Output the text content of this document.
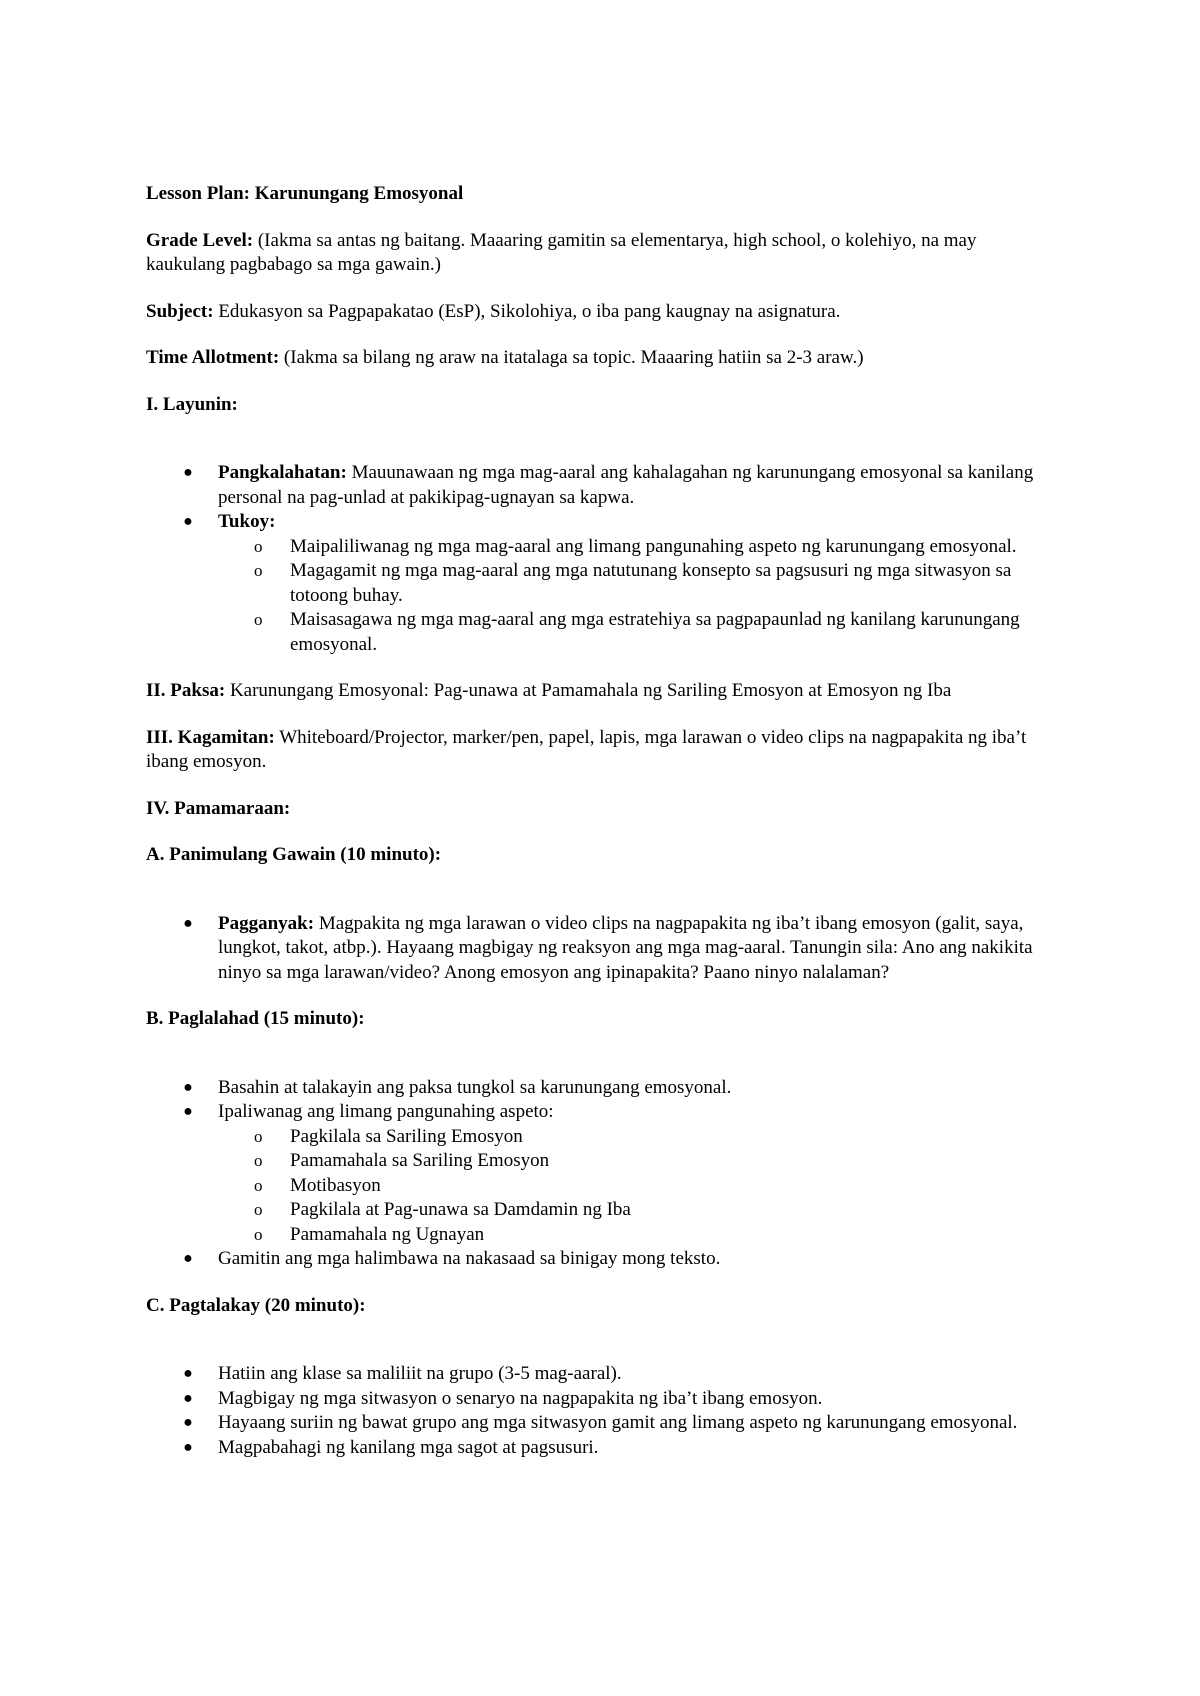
Lesson Plan: Karunungang Emosyonal

Grade Level: (Iakma sa antas ng baitang. Maaaring gamitin sa elementarya, high school, o kolehiyo, na may kaukulang pagbabago sa mga gawain.)

Subject: Edukasyon sa Pagpapakatao (EsP), Sikolohiya, o iba pang kaugnay na asignatura.

Time Allotment: (Iakma sa bilang ng araw na itatalaga sa topic. Maaaring hatiin sa 2-3 araw.)

I. Layunin:

● Pangkalahatan: Mauunawaan ng mga mag-aaral ang kahalagahan ng karunungang emosyonal sa kanilang personal na pag-unlad at pakikipag-ugnayan sa kapwa.
● Tukoy:
o Maipaliliwanag ng mga mag-aaral ang limang pangunahing aspeto ng karunungang emosyonal.
o Magagamit ng mga mag-aaral ang mga natutunang konsepto sa pagsusuri ng mga sitwasyon sa totoong buhay.
o Maisasagawa ng mga mag-aaral ang mga estratehiya sa pagpapaunlad ng kanilang karunungang emosyonal.

II. Paksa: Karunungang Emosyonal: Pag-unawa at Pamamahala ng Sariling Emosyon at Emosyon ng Iba

III. Kagamitan: Whiteboard/Projector, marker/pen, papel, lapis, mga larawan o video clips na nagpapakita ng iba’t ibang emosyon.

IV. Pamamaraan:

A. Panimulang Gawain (10 minuto):

● Pagganyak: Magpakita ng mga larawan o video clips na nagpapakita ng iba’t ibang emosyon (galit, saya, lungkot, takot, atbp.). Hayaang magbigay ng reaksyon ang mga mag-aaral. Tanungin sila: Ano ang nakikita ninyo sa mga larawan/video? Anong emosyon ang ipinapakita? Paano ninyo nalalaman?

B. Paglalahad (15 minuto):

● Basahin at talakayin ang paksa tungkol sa karunungang emosyonal.
● Ipaliwanag ang limang pangunahing aspeto:
o Pagkilala sa Sariling Emosyon
o Pamamahala sa Sariling Emosyon
o Motibasyon
o Pagkilala at Pag-unawa sa Damdamin ng Iba
o Pamamahala ng Ugnayan
● Gamitin ang mga halimbawa na nakasaad sa binigay mong teksto.

C. Pagtalakay (20 minuto):

● Hatiin ang klase sa maliliit na grupo (3-5 mag-aaral).
● Magbigay ng mga sitwasyon o senaryo na nagpapakita ng iba’t ibang emosyon.
● Hayaang suriin ng bawat grupo ang mga sitwasyon gamit ang limang aspeto ng karunungang emosyonal.
● Magpabahagi ng kanilang mga sagot at pagsusuri.
